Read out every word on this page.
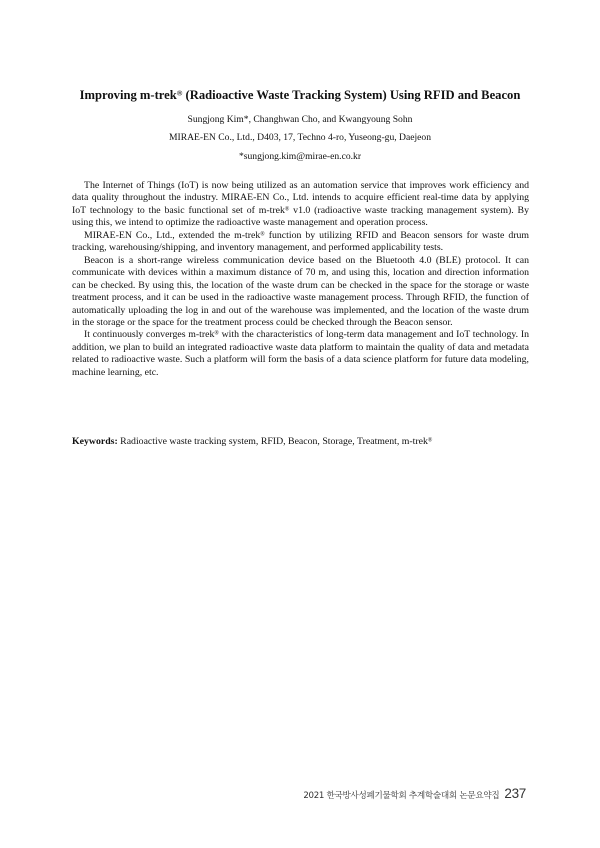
Improving m-trek® (Radioactive Waste Tracking System) Using RFID and Beacon
Sungjong Kim*, Changhwan Cho, and Kwangyoung Sohn
MIRAE-EN Co., Ltd., D403, 17, Techno 4-ro, Yuseong-gu, Daejeon
*sungjong.kim@mirae-en.co.kr

The Internet of Things (IoT) is now being utilized as an automation service that improves work efficiency and data quality throughout the industry. MIRAE-EN Co., Ltd. intends to acquire efficient real-time data by applying IoT technology to the basic functional set of m-trek® v1.0 (radioactive waste tracking management system). By using this, we intend to optimize the radioactive waste management and operation process.

MIRAE-EN Co., Ltd., extended the m-trek® function by utilizing RFID and Beacon sensors for waste drum tracking, warehousing/shipping, and inventory management, and performed applicability tests.

Beacon is a short-range wireless communication device based on the Bluetooth 4.0 (BLE) protocol. It can communicate with devices within a maximum distance of 70 m, and using this, location and direction information can be checked. By using this, the location of the waste drum can be checked in the space for the storage or waste treatment process, and it can be used in the radioactive waste management process. Through RFID, the function of automatically uploading the log in and out of the warehouse was implemented, and the location of the waste drum in the storage or the space for the treatment process could be checked through the Beacon sensor.

It continuously converges m-trek® with the characteristics of long-term data management and IoT technology. In addition, we plan to build an integrated radioactive waste data platform to maintain the quality of data and metadata related to radioactive waste. Such a platform will form the basis of a data science platform for future data modeling, machine learning, etc.

Keywords: Radioactive waste tracking system, RFID, Beacon, Storage, Treatment, m-trek®
2021 한국방사성폐기물학회 추계학술대회 논문요약집 237
